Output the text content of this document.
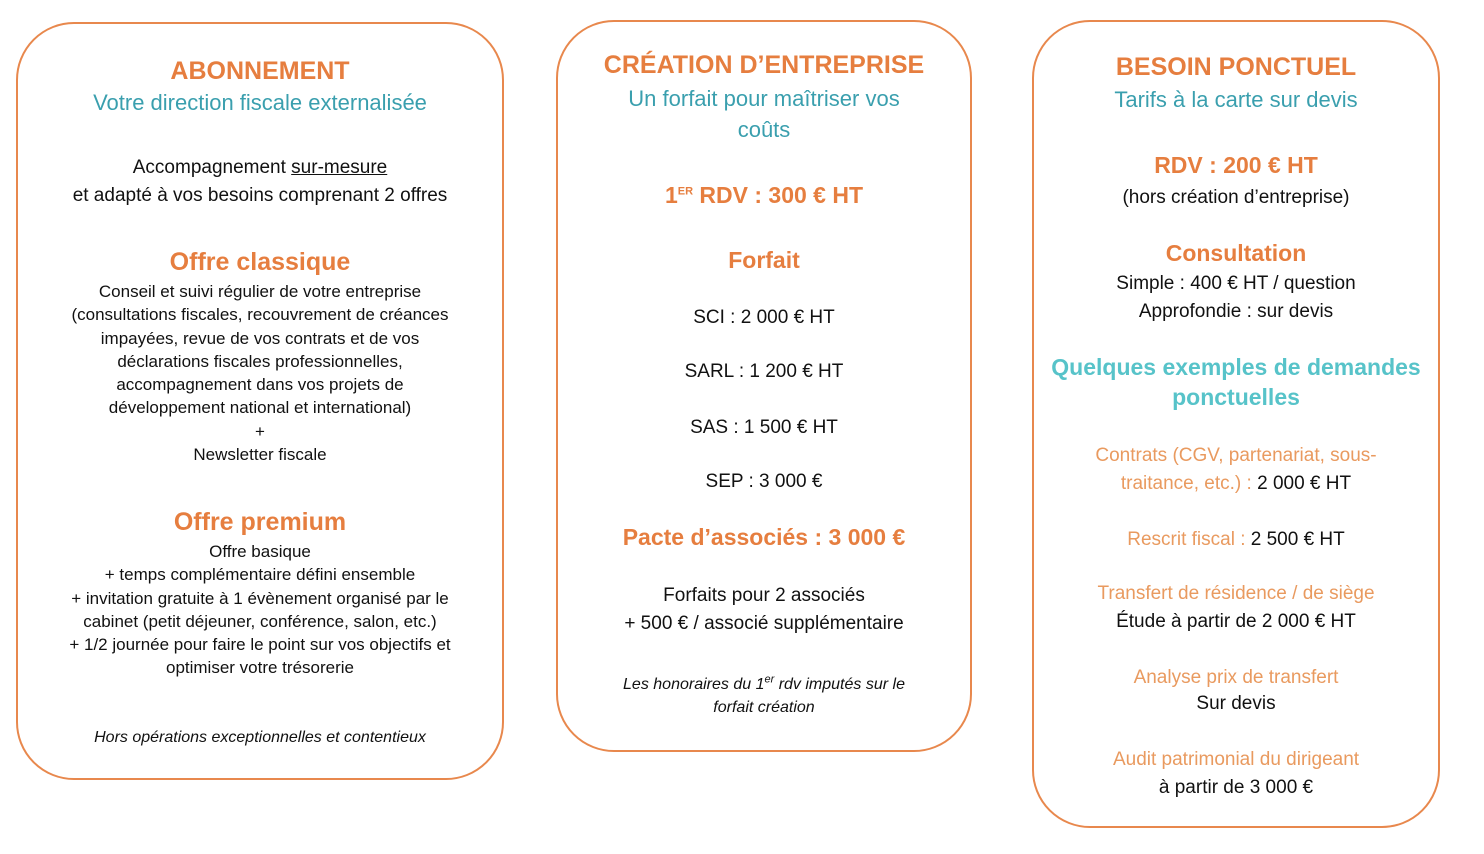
ABONNEMENT
Votre direction fiscale externalisée
Accompagnement sur-mesure
et adapté à vos besoins comprenant 2 offres
Offre classique
Conseil et suivi régulier de votre entreprise
(consultations fiscales, recouvrement de créances
impayées, revue de vos contrats et de vos
déclarations fiscales professionnelles,
accompagnement dans vos projets de
développement national et international)
+
Newsletter fiscale
Offre premium
Offre basique
+ temps complémentaire défini ensemble
+ invitation gratuite à 1 évènement organisé par le
cabinet (petit déjeuner, conférence, salon, etc.)
+ 1/2 journée pour faire le point sur vos objectifs et
optimiser votre trésorerie
Hors opérations exceptionnelles et contentieux
CRÉATION D’ENTREPRISE
Un forfait pour maîtriser vos
coûts
1ER RDV : 300 € HT
Forfait
SCI : 2 000 € HT
SARL : 1 200 € HT
SAS : 1 500 € HT
SEP : 3 000 €
Pacte d’associés : 3 000 €
Forfaits pour 2 associés
+ 500 € / associé supplémentaire
Les honoraires du 1er rdv imputés sur le
forfait création
BESOIN PONCTUEL
Tarifs à la carte sur devis
RDV : 200 € HT
(hors création d’entreprise)
Consultation
Simple : 400 € HT / question
Approfondie : sur devis
Quelques exemples de demandes
ponctuelles
Contrats (CGV, partenariat, sous-
traitance, etc.) : 2 000 € HT
Rescrit fiscal : 2 500 € HT
Transfert de résidence / de siège
Étude à partir de 2 000 € HT
Analyse prix de transfert
Sur devis
Audit patrimonial du dirigeant
à partir de 3 000 €
